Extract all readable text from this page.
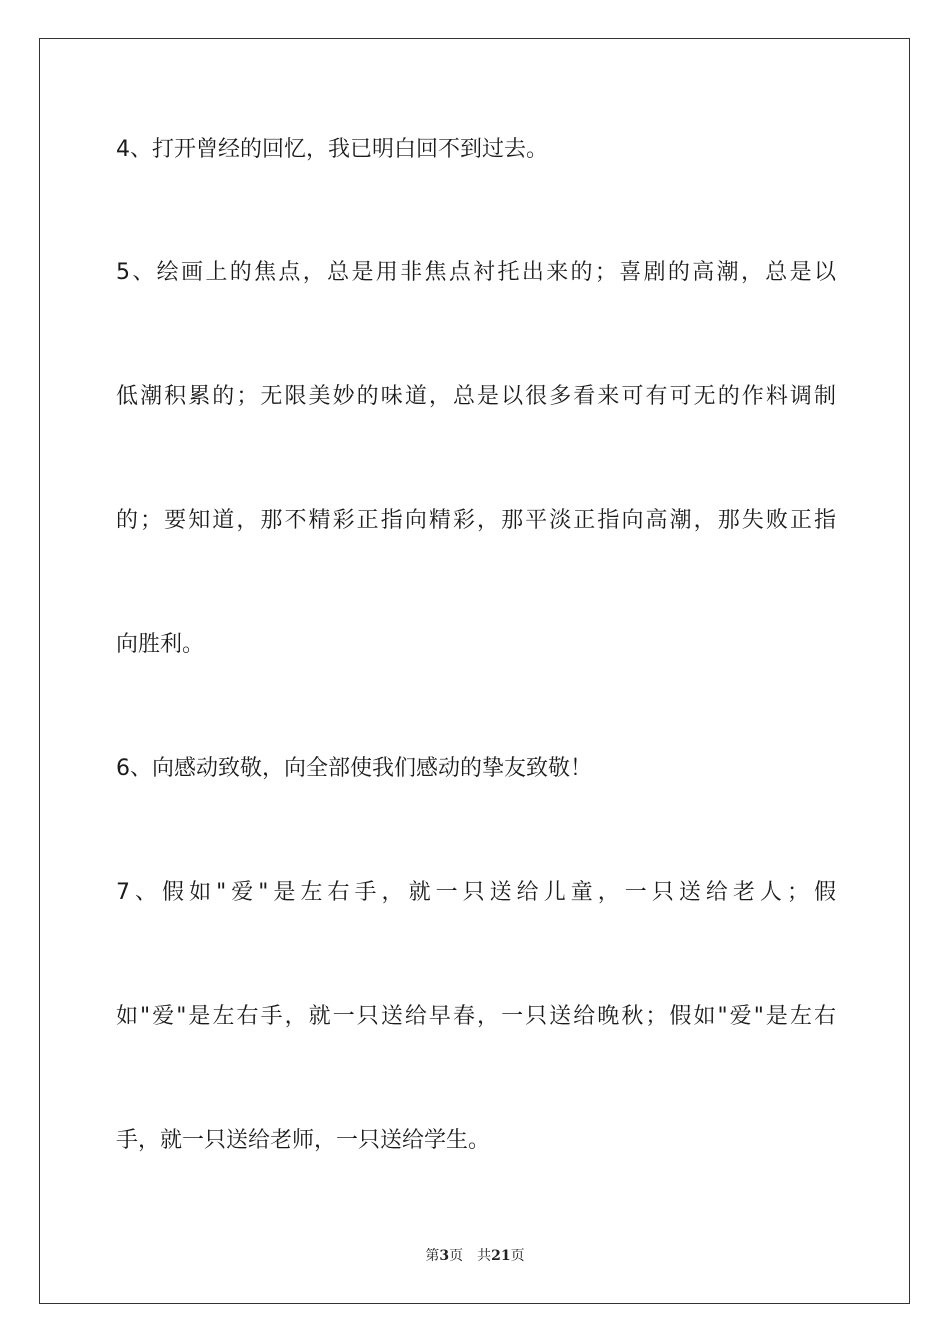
4、打开曾经的回忆，我已明白回不到过去。
5、绘画上的焦点，总是用非焦点衬托出来的；喜剧的高潮，总是以
低潮积累的；无限美妙的味道，总是以很多看来可有可无的作料调制
的；要知道，那不精彩正指向精彩，那平淡正指向高潮，那失败正指
向胜利。
6、向感动致敬，向全部使我们感动的挚友致敬！
7、假如"爱"是左右手，就一只送给儿童，一只送给老人；假
如"爱"是左右手，就一只送给早春，一只送给晚秋；假如"爱"是左右
手，就一只送给老师，一只送给学生。
第3页 共21页
